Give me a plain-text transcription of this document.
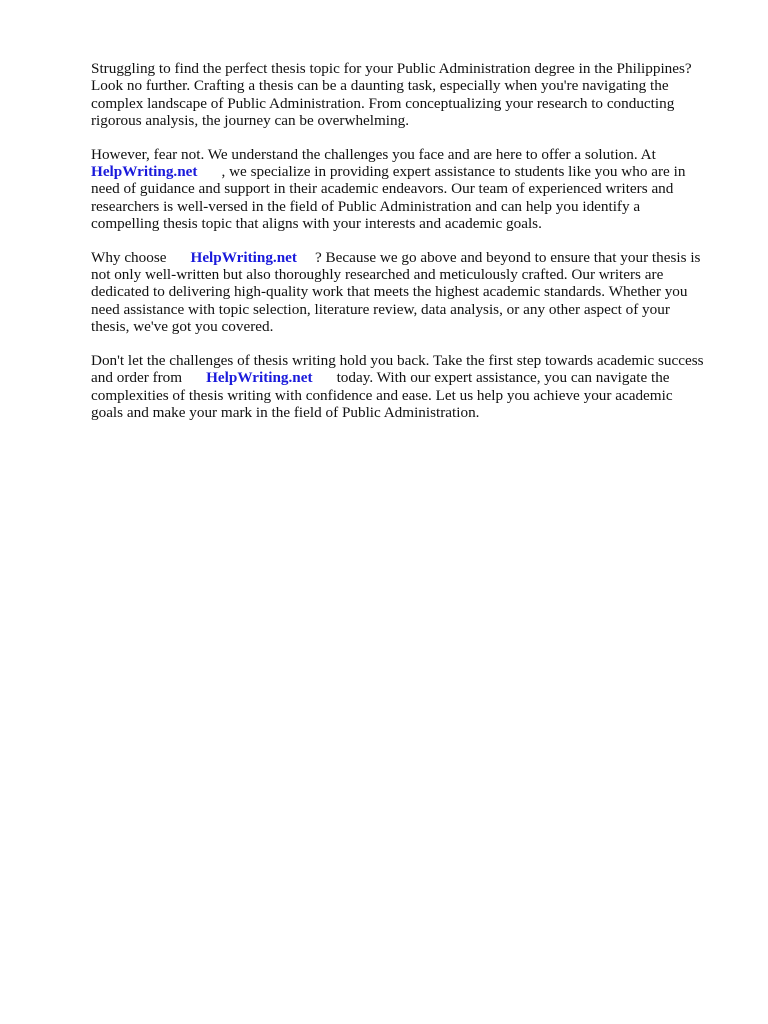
Struggling to find the perfect thesis topic for your Public Administration degree in the Philippines?
Look no further. Crafting a thesis can be a daunting task, especially when you're navigating the
complex landscape of Public Administration. From conceptualizing your research to conducting
rigorous analysis, the journey can be overwhelming.

However, fear not. We understand the challenges you face and are here to offer a solution. At
HelpWriting.net , we specialize in providing expert assistance to students like you who are in
need of guidance and support in their academic endeavors. Our team of experienced writers and
researchers is well-versed in the field of Public Administration and can help you identify a
compelling thesis topic that aligns with your interests and academic goals.

Why choose HelpWriting.net ? Because we go above and beyond to ensure that your thesis is
not only well-written but also thoroughly researched and meticulously crafted. Our writers are
dedicated to delivering high-quality work that meets the highest academic standards. Whether you
need assistance with topic selection, literature review, data analysis, or any other aspect of your
thesis, we've got you covered.

Don't let the challenges of thesis writing hold you back. Take the first step towards academic success
and order from HelpWriting.net today. With our expert assistance, you can navigate the
complexities of thesis writing with confidence and ease. Let us help you achieve your academic
goals and make your mark in the field of Public Administration.
